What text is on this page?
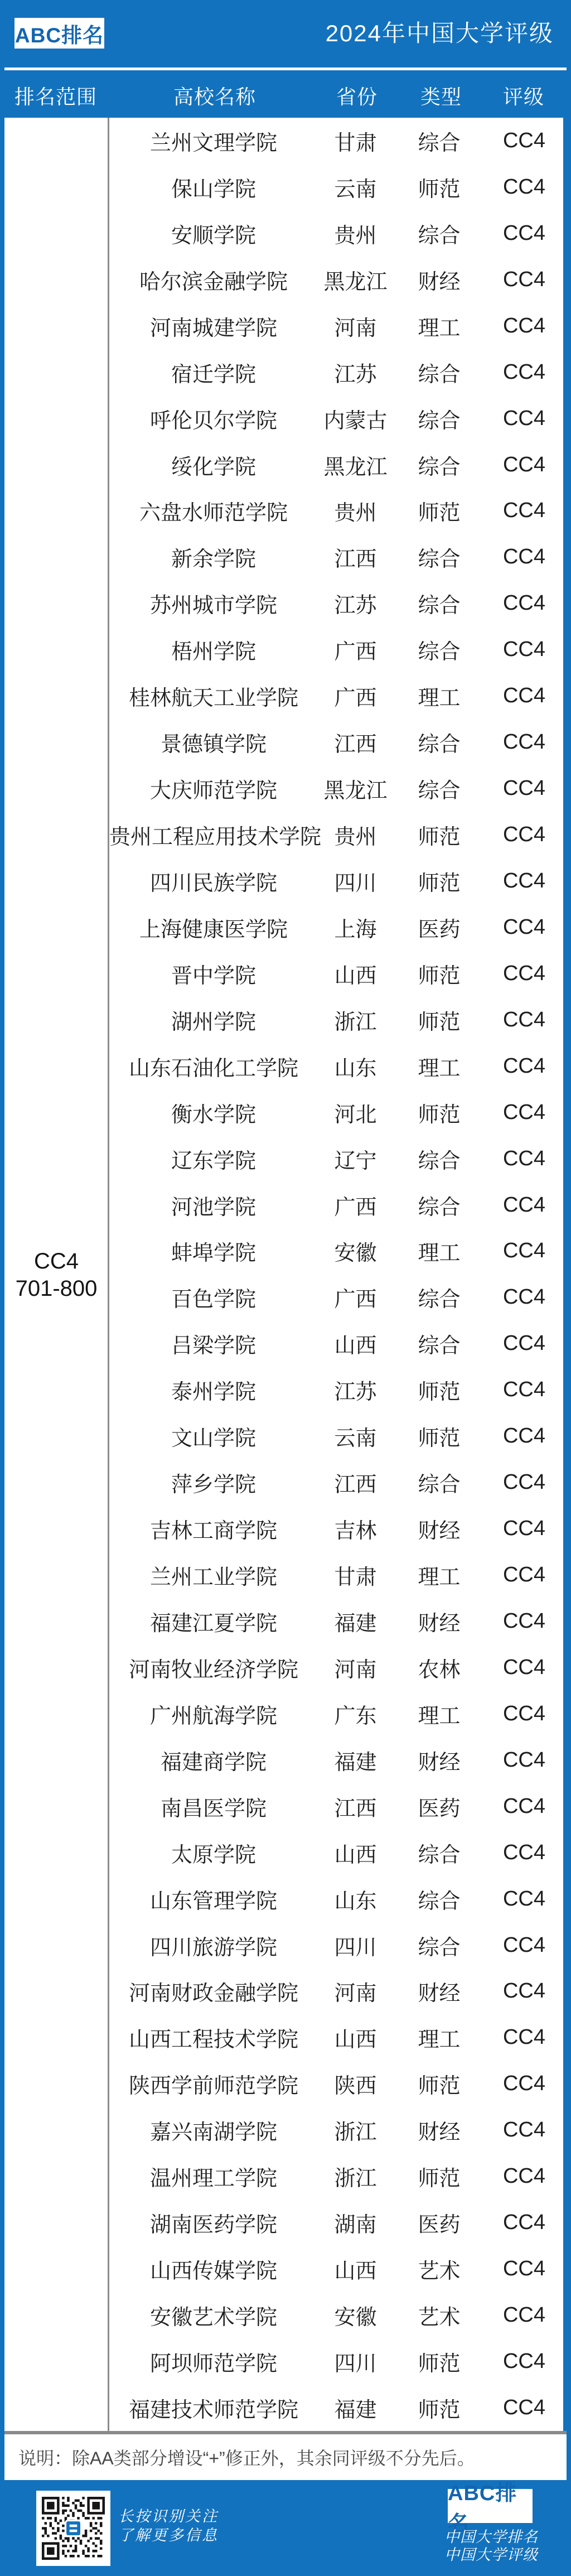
ABC排名	2024年中国大学评级
排名范围	高校名称	省份	类型	评级
CC4
701-800
兰州文理学院	甘肃	综合	CC4
保山学院	云南	师范	CC4
安顺学院	贵州	综合	CC4
哈尔滨金融学院	黑龙江	财经	CC4
河南城建学院	河南	理工	CC4
宿迁学院	江苏	综合	CC4
呼伦贝尔学院	内蒙古	综合	CC4
绥化学院	黑龙江	综合	CC4
六盘水师范学院	贵州	师范	CC4
新余学院	江西	综合	CC4
苏州城市学院	江苏	综合	CC4
梧州学院	广西	综合	CC4
桂林航天工业学院	广西	理工	CC4
景德镇学院	江西	综合	CC4
大庆师范学院	黑龙江	综合	CC4
贵州工程应用技术学院 贵州	师范	CC4
四川民族学院	四川	师范	CC4
上海健康医学院	上海	医药	CC4
晋中学院	山西	师范	CC4
湖州学院	浙江	师范	CC4
山东石油化工学院	山东	理工	CC4
衡水学院	河北	师范	CC4
辽东学院	辽宁	综合	CC4
河池学院	广西	综合	CC4
蚌埠学院	安徽	理工	CC4
百色学院	广西	综合	CC4
吕梁学院	山西	综合	CC4
泰州学院	江苏	师范	CC4
文山学院	云南	师范	CC4
萍乡学院	江西	综合	CC4
吉林工商学院	吉林	财经	CC4
兰州工业学院	甘肃	理工	CC4
福建江夏学院	福建	财经	CC4
河南牧业经济学院	河南	农林	CC4
广州航海学院	广东	理工	CC4
福建商学院	福建	财经	CC4
南昌医学院	江西	医药	CC4
太原学院	山西	综合	CC4
山东管理学院	山东	综合	CC4
四川旅游学院	四川	综合	CC4
河南财政金融学院	河南	财经	CC4
山西工程技术学院	山西	理工	CC4
陕西学前师范学院	陕西	师范	CC4
嘉兴南湖学院	浙江	财经	CC4
温州理工学院	浙江	师范	CC4
湖南医药学院	湖南	医药	CC4
山西传媒学院	山西	艺术	CC4
安徽艺术学院	安徽	艺术	CC4
阿坝师范学院	四川	师范	CC4
福建技术师范学院	福建	师范	CC4
说明：除AA类部分增设“+”修正外，其余同评级不分先后。
长按识别关注
了解更多信息
ABC排名
中国大学排名
中国大学评级
